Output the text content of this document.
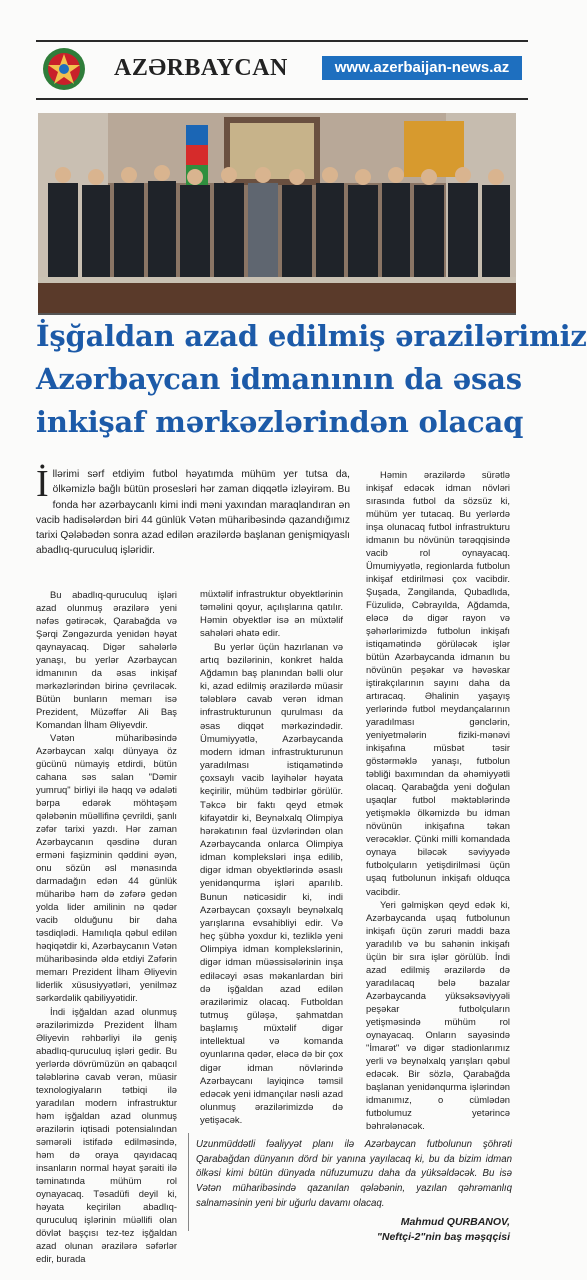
AZƏRBAYCAN	www.azerbaijan-news.az
İşğaldan azad edilmiş ərazilərimiz
Azərbaycan idmanının da əsas
inkişaf mərkəzlərindən olacaq
İ llərimi sərf etdiyim futbol həyatımda mühüm yer tutsa da, ölkəmizlə bağlı bütün prosesləri hər zaman diqqətlə izləyirəm. Bu fonda hər azərbaycanlı kimi indi məni yaxından maraqlandıran ən vacib hadisələrdən biri 44 günlük Vətən müharibəsində qazandığımız tarixi Qələbədən sonra azad edilən ərazilərdə başlanan genişmiqyaslı abadlıq-quruculuq işləridir.

Həmin ərazilərdə sürətlə inkişaf edəcək idman növləri sırasında futbol da sözsüz ki, mühüm yer tutacaq. Bu yerlərdə inşa olunacaq futbol infrastrukturu idmanın bu növünün tərəqqisində vacib rol oynayacaq. Ümumiyyətlə, regionlarda futbolun inkişaf etdirilməsi çox vacibdir. Şuşada, Zəngilanda, Qubadlıda, Füzulidə, Cəbrayılda, Ağdamda, eləcə də digər rayon və şəhərlərimizdə futbolun inkişafı istiqamətində görüləcək işlər bütün Azərbaycanda idmanın bu növünün peşəkar və həvəskar iştirakçılarının sayını daha da artıracaq. Əhalinin yaşayış yerlərində futbol meydançalarının yaradılması gənclərin, yeniyetmələrin fiziki-mənəvi inkişafına müsbət təsir göstərməklə yanaşı, futbolun təbliği baxımından da əhəmiyyətli olacaq. Qarabağda yeni doğulan uşaqlar futbol məktəblərində yetişməklə ölkəmizdə bu idman növünün inkişafına təkan verəcəklər. Çünki milli komandada oynaya biləcək səviyyədə futbolçuların yetişdirilməsi üçün uşaq futbolunun inkişafı olduqca vacibdir.

Yeri gəlmişkən qeyd edək ki, Azərbaycanda uşaq futbolunun inkişafı üçün zəruri maddi baza yaradılıb və bu sahənin inkişafı üçün bir sıra işlər görülüb. İndi azad edilmiş ərazilərdə də yaradılacaq belə bazalar Azərbaycanda yüksəksəviyyəli peşəkar futbolçuların yetişməsində mühüm rol oynayacaq. Onların sayəsində "İmarət" və digər stadionlarımız yerli və beynəlxalq yarışları qəbul edəcək. Bir sözlə, Qarabağda başlanan yenidənqurma işlərindən idmanımız, o cümlədən futbolumuz yetərincə bəhrələnəcək.

Bu abadlıq-quruculuq işləri azad olunmuş ərazilərə yeni nəfəs gətirəcək, Qarabağda və Şərqi Zəngəzurda yenidən həyat qaynayacaq. Digər sahələrlə yanaşı, bu yerlər Azərbaycan idmanının da əsas inkişaf mərkəzlərindən birinə çevriləcək. Bütün bunların memarı isə Prezident, Müzəffər Ali Baş Komandan İlham Əliyevdir.

Vətən müharibəsində Azərbaycan xalqı dünyaya öz gücünü nümayiş etdirdi, bütün cahana səs salan "Dəmir yumruq" birliyi ilə haqq və ədaləti bərpa edərək möhtəşəm qələbənin müəllifinə çevrildi, şanlı zəfər tarixi yazdı. Hər zaman Azərbaycanın qəsdinə duran erməni faşizminin qəddini əyən, onu sözün əsl mənasında darmadağın edən 44 günlük müharibə həm də zəfərə gedən yolda lider amilinin nə qədər vacib olduğunu bir daha təsdiqlədi. Hamılıqla qəbul edilən həqiqətdir ki, Azərbaycanın Vətən müharibəsində əldə etdiyi Zəfərin memarı Prezident İlham Əliyevin liderlik xüsusiyyətləri, yenilməz sərkərdəlik qabiliyyətidir.

İndi işğaldan azad olunmuş ərazilərimizdə Prezident İlham Əliyevin rəhbərliyi ilə geniş abadlıq-quruculuq işləri gedir. Bu yerlərdə dövrümüzün ən qabaqcıl tələblərinə cavab verən, müasir texnologiyaların tətbiqi ilə yaradılan modern infrastruktur həm işğaldan azad olunmuş ərazilərin iqtisadi potensialından səmərəli istifadə edilməsində, həm də oraya qayıdacaq insanların normal həyat şəraiti ilə təminatında mühüm rol oynayacaq. Təsadüfi deyil ki, həyata keçirilən abadlıq-quruculuq işlərinin müəllifi olan dövlət başçısı tez-tez işğaldan azad olunan ərazilərə səfərlər edir, burada

müxtəlif infrastruktur obyektlərinin təməlini qoyur, açılışlarına qatılır. Həmin obyektlər isə ən müxtəlif sahələri əhatə edir.

Bu yerlər üçün hazırlanan və artıq bəzilərinin, konkret halda Ağdamın baş planından bəlli olur ki, azad edilmiş ərazilərdə müasir tələblərə cavab verən idman infrastrukturunun qurulması da əsas diqqət mərkəzindədir. Ümumiyyətlə, Azərbaycanda modern idman infrastrukturunun yaradılması istiqamətində çoxsaylı vacib layihələr həyata keçirilir, mühüm tədbirlər görülür. Təkcə bir faktı qeyd etmək kifayətdir ki, Beynəlxalq Olimpiya hərəkatının fəal üzvlərindən olan Azərbaycanda onlarca Olimpiya idman kompleksləri inşa edilib, digər idman obyektlərində əsaslı yenidənqurma işləri aparılıb. Bunun nəticəsidir ki, indi Azərbaycan çoxsaylı beynəlxalq yarışlarına evsahibliyi edir. Və heç şübhə yoxdur ki, tezliklə yeni Olimpiya idman komplekslərinin, digər idman müəssisələrinin inşa ediləcəyi əsas məkanlardan biri də işğaldan azad edilən ərazilərimiz olacaq. Futboldan tutmuş güləşə, şahmatdan başlamış müxtəlif digər intellektual və komanda oyunlarına qədər, eləcə də bir çox digər idman növlərində Azərbaycanı layiqincə təmsil edəcək yeni idmançılar nəsli azad olunmuş ərazilərimizdə də yetişəcək.

Uzunmüddətli fəaliyyət planı ilə Azərbaycan futbolunun şöhrəti Qarabağdan dünyanın dörd bir yanına yayılacaq ki, bu da bizim idman ölkəsi kimi bütün dünyada nüfuzumuzu daha da yüksəldəcək. Bu isə Vətən müharibəsində qazanılan qələbənin, yazılan qəhrəmanlıq salnaməsinin yeni bir uğurlu davamı olacaq.
Mahmud QURBANOV,
"Neftçi-2"nin baş məşqçisi
